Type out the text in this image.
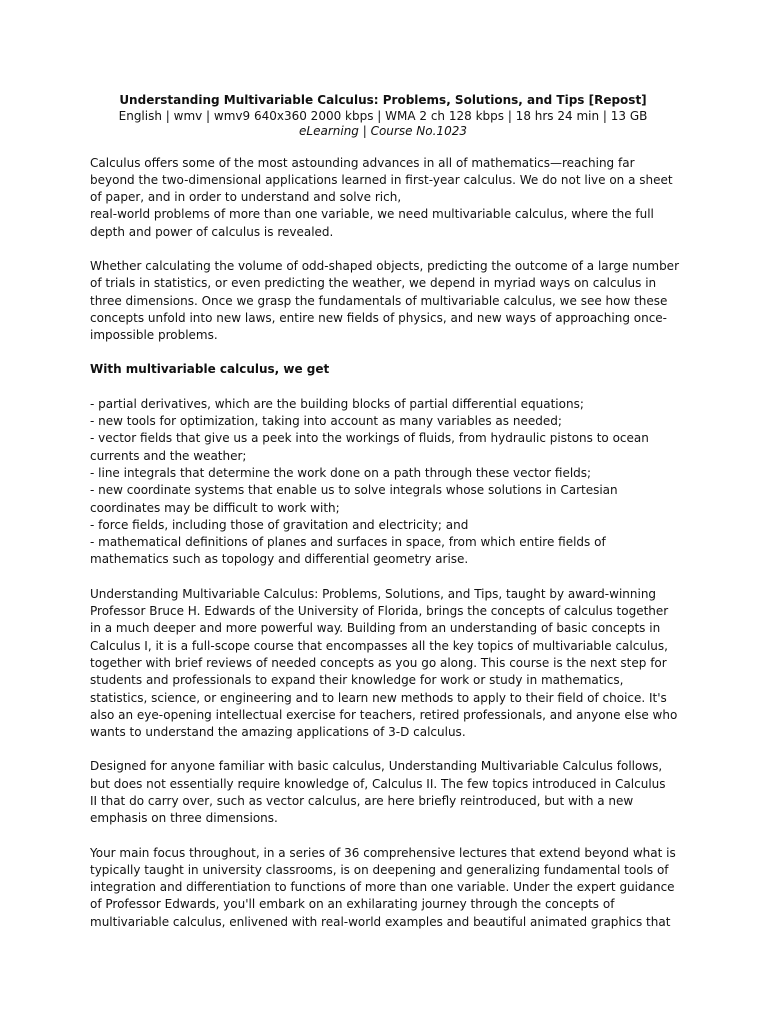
Understanding Multivariable Calculus: Problems, Solutions, and Tips [Repost]
English | wmv | wmv9 640x360 2000 kbps | WMA 2 ch 128 kbps | 18 hrs 24 min | 13 GB
eLearning | Course No.1023
Calculus offers some of the most astounding advances in all of mathematics—reaching far
beyond the two-dimensional applications learned in first-year calculus. We do not live on a sheet
of paper, and in order to understand and solve rich,
real-world problems of more than one variable, we need multivariable calculus, where the full
depth and power of calculus is revealed.
Whether calculating the volume of odd-shaped objects, predicting the outcome of a large number
of trials in statistics, or even predicting the weather, we depend in myriad ways on calculus in
three dimensions. Once we grasp the fundamentals of multivariable calculus, we see how these
concepts unfold into new laws, entire new fields of physics, and new ways of approaching once-
impossible problems.
With multivariable calculus, we get
- partial derivatives, which are the building blocks of partial differential equations;
- new tools for optimization, taking into account as many variables as needed;
- vector fields that give us a peek into the workings of fluids, from hydraulic pistons to ocean
currents and the weather;
- line integrals that determine the work done on a path through these vector fields;
- new coordinate systems that enable us to solve integrals whose solutions in Cartesian
coordinates may be difficult to work with;
- force fields, including those of gravitation and electricity; and
- mathematical definitions of planes and surfaces in space, from which entire fields of
mathematics such as topology and differential geometry arise.
Understanding Multivariable Calculus: Problems, Solutions, and Tips, taught by award-winning
Professor Bruce H. Edwards of the University of Florida, brings the concepts of calculus together
in a much deeper and more powerful way. Building from an understanding of basic concepts in
Calculus I, it is a full-scope course that encompasses all the key topics of multivariable calculus,
together with brief reviews of needed concepts as you go along. This course is the next step for
students and professionals to expand their knowledge for work or study in mathematics,
statistics, science, or engineering and to learn new methods to apply to their field of choice. It's
also an eye-opening intellectual exercise for teachers, retired professionals, and anyone else who
wants to understand the amazing applications of 3-D calculus.
Designed for anyone familiar with basic calculus, Understanding Multivariable Calculus follows,
but does not essentially require knowledge of, Calculus II. The few topics introduced in Calculus
II that do carry over, such as vector calculus, are here briefly reintroduced, but with a new
emphasis on three dimensions.
Your main focus throughout, in a series of 36 comprehensive lectures that extend beyond what is
typically taught in university classrooms, is on deepening and generalizing fundamental tools of
integration and differentiation to functions of more than one variable. Under the expert guidance
of Professor Edwards, you'll embark on an exhilarating journey through the concepts of
multivariable calculus, enlivened with real-world examples and beautiful animated graphics that
